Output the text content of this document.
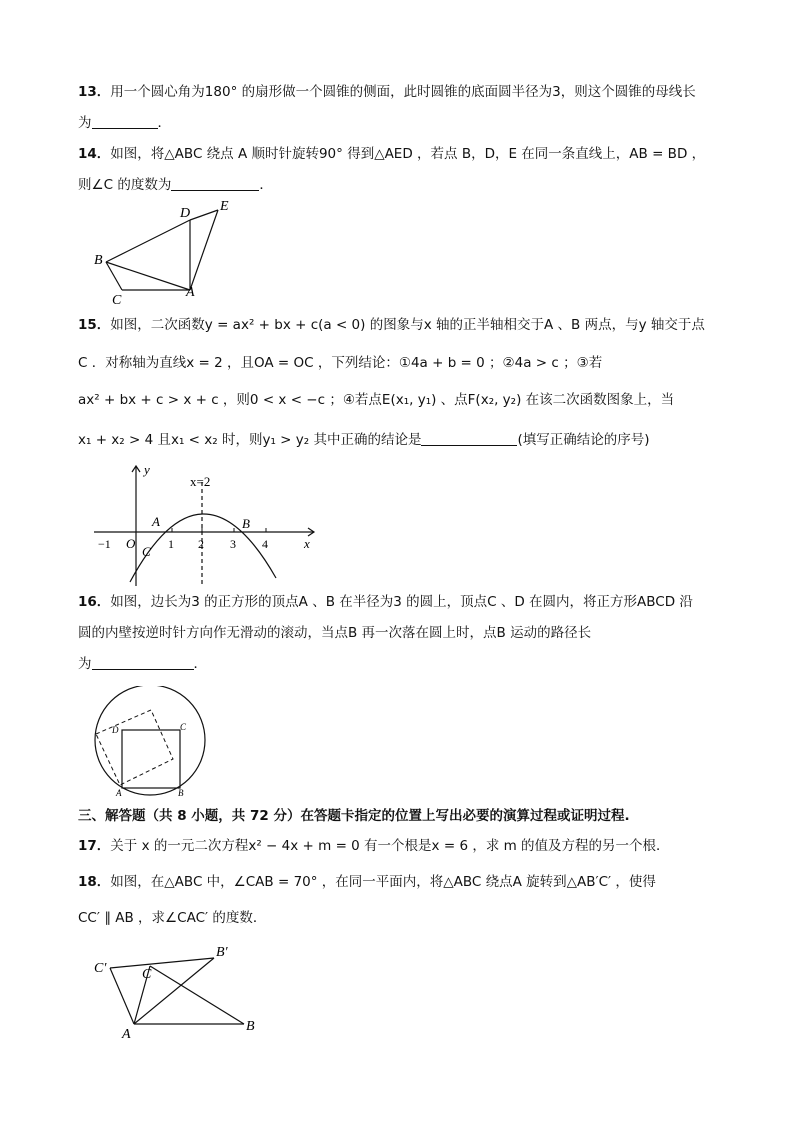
13．用一个圆心角为180° 的扇形做一个圆锥的侧面，此时圆锥的底面圆半径为3，则这个圆锥的母线长
为	．
14．如图，将△ABC 绕点 A 顺时针旋转90° 得到△AED ，若点 B，D，E 在同一条直线上，AB = BD ，
则∠C 的度数为	．
B
C
A
D E
15．如图，二次函数y = ax² + bx + c(a < 0) 的图象与x 轴的正半轴相交于A 、B 两点，与y 轴交于点
C ．对称轴为直线x = 2 ，且OA = OC ，下列结论：①4a + b = 0 ；②4a > c ；③若
ax² + bx + c > x + c ，则0 < x < −c ；④若点E(x₁, y₁) 、点F(x₂, y₂) 在该二次函数图象上，当
x₁ + x₂ > 4 且x₁ < x₂ 时，则y₁ > y₂ 其中正确的结论是	(填写正确结论的序号)
y
x
x=2
O
A	B
C
−1	1 2 3 4
16．如图，边长为3 的正方形的顶点A 、B 在半径为3 的圆上，顶点C 、D 在圆内，将正方形ABCD 沿
圆的内壁按逆时针方向作无滑动的滚动，当点B 再一次落在圆上时，点B 运动的路径长
为	．
D	C
A	B
三、解答题（共 8 小题，共 72 分）在答题卡指定的位置上写出必要的演算过程或证明过程.
17．关于 x 的一元二次方程x² − 4x + m = 0 有一个根是x = 6 ，求 m 的值及方程的另一个根．
18．如图，在△ABC 中，∠CAB = 70° ，在同一平面内，将△ABC 绕点A 旋转到△AB′C′ ，使得
CC′ ∥ AB ，求∠CAC′ 的度数．
C′	C
B′
A
B
